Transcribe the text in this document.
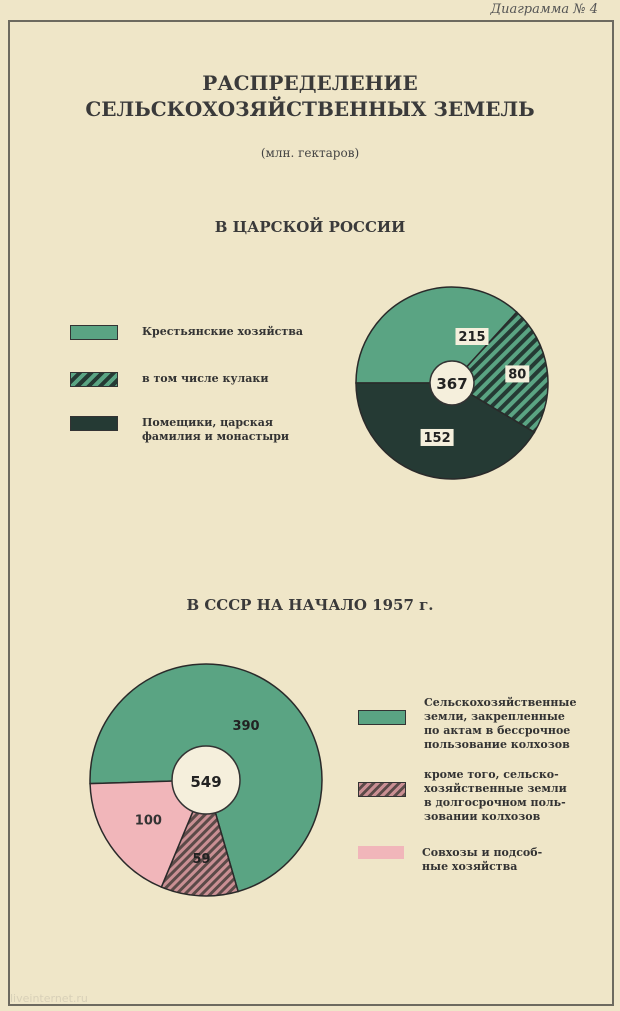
Диаграмма № 4
РАСПРЕДЕЛЕНИЕ
СЕЛЬСКОХОЗЯЙСТВЕННЫХ ЗЕМЕЛЬ
(млн. гектаров)
В ЦАРСКОЙ РОССИИ
Крестьянские хозяйства
в том числе кулаки
Помещики, царская
фамилия и монастыри
367
215
80
152
В СССР НА НАЧАЛО 1957 г.
549
390
59
100
Сельскохозяйственные
земли, закрепленные
по актам в бессрочное
пользование колхозов
кроме того, сельско-
хозяйственные земли
в долгосрочном поль-
зовании колхозов
Совхозы и подсоб-
ные хозяйства
liveinternet.ru
